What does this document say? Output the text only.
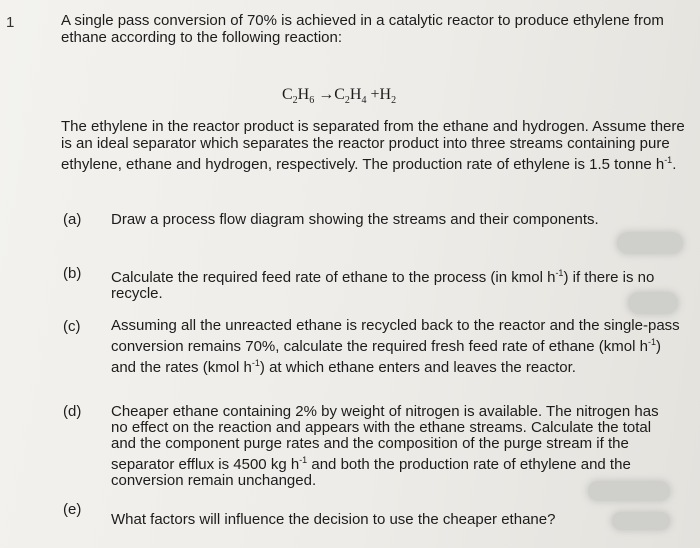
1	A single pass conversion of 70% is achieved in a catalytic reactor to produce ethylene from ethane according to the following reaction:
$C_2H_6 \to C_2H_4 +H_2$
The ethylene in the reactor product is separated from the ethane and hydrogen. Assume there is an ideal separator which separates the reactor product into three streams containing pure ethylene, ethane and hydrogen, respectively. The production rate of ethylene is 1.5 tonne $h^{-1}$.
(a) Draw a process flow diagram showing the streams and their components.
(b) Calculate the required feed rate of ethane to the process (in kmol $h^{-1}$) if there is no recycle.
(c) Assuming all the unreacted ethane is recycled back to the reactor and the single-pass conversion remains 70%, calculate the required fresh feed rate of ethane (kmol $h^{-1}$) and the rates (kmol $h^{-1}$) at which ethane enters and leaves the reactor.
(d) Cheaper ethane containing 2% by weight of nitrogen is available. The nitrogen has no effect on the reaction and appears with the ethane streams. Calculate the total and the component purge rates and the composition of the purge stream if the separator efflux is 4500 kg $h^{-1}$ and both the production rate of ethylene and the conversion remain unchanged.
(e)
What factors will influence the decision to use the cheaper ethane?
